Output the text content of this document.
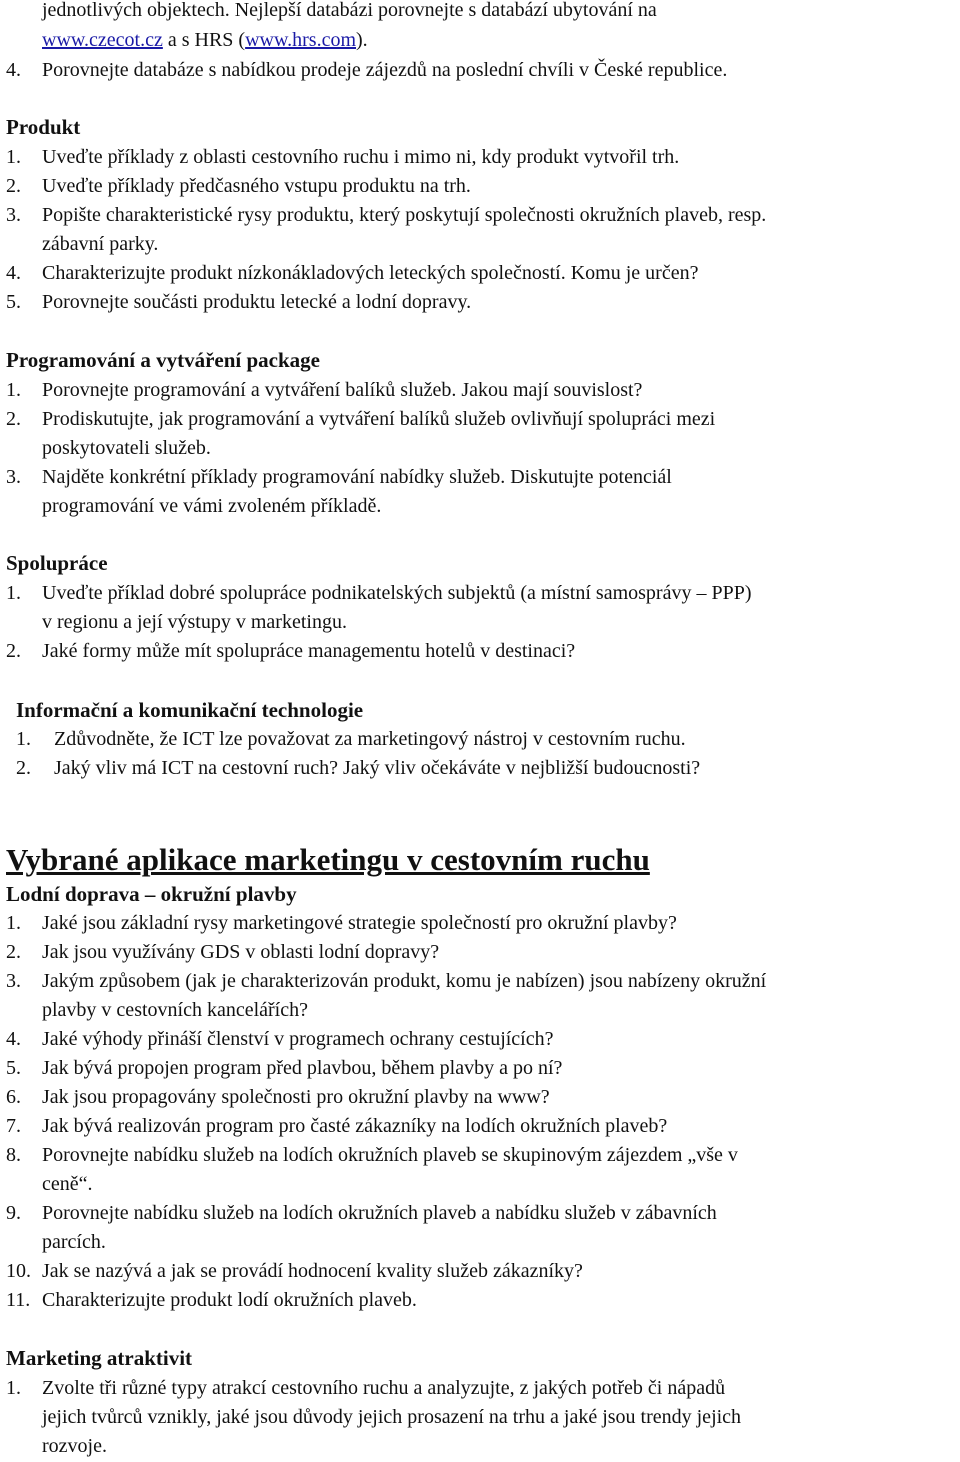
jednotlivých objektech. Nejlepší databázi porovnejte s databází ubytování na
www.czecot.cz a s HRS (www.hrs.com).
4. Porovnejte databáze s nabídkou prodeje zájezdů na poslední chvíli v České republice.
Produkt
1. Uveďte příklady z oblasti cestovního ruchu i mimo ni, kdy produkt vytvořil trh.
2. Uveďte příklady předčasného vstupu produktu na trh.
3. Popište charakteristické rysy produktu, který poskytují společnosti okružních plaveb, resp.
zábavní parky.
4. Charakterizujte produkt nízkonákladových leteckých společností. Komu je určen?
5. Porovnejte součásti produktu letecké a lodní dopravy.
Programování a vytváření package
1. Porovnejte programování a vytváření balíků služeb. Jakou mají souvislost?
2. Prodiskutujte, jak programování a vytváření balíků služeb ovlivňují spolupráci mezi
poskytovateli služeb.
3. Najděte konkrétní příklady programování nabídky služeb. Diskutujte potenciál
programování ve vámi zvoleném příkladě.
Spolupráce
1. Uveďte příklad dobré spolupráce podnikatelských subjektů (a místní samosprávy – PPP)
v regionu a její výstupy v marketingu.
2. Jaké formy může mít spolupráce managementu hotelů v destinaci?
Informační a komunikační technologie
1. Zdůvodněte, že ICT lze považovat za marketingový nástroj v cestovním ruchu.
2. Jaký vliv má ICT na cestovní ruch? Jaký vliv očekáváte v nejbližší budoucnosti?
Vybrané aplikace marketingu v cestovním ruchu
Lodní doprava – okružní plavby
1. Jaké jsou základní rysy marketingové strategie společností pro okružní plavby?
2. Jak jsou využívány GDS v oblasti lodní dopravy?
3. Jakým způsobem (jak je charakterizován produkt, komu je nabízen) jsou nabízeny okružní
plavby v cestovních kancelářích?
4. Jaké výhody přináší členství v programech ochrany cestujících?
5. Jak bývá propojen program před plavbou, během plavby a po ní?
6. Jak jsou propagovány společnosti pro okružní plavby na www?
7. Jak bývá realizován program pro časté zákazníky na lodích okružních plaveb?
8. Porovnejte nabídku služeb na lodích okružních plaveb se skupinovým zájezdem „vše v
ceně“.
9. Porovnejte nabídku služeb na lodích okružních plaveb a nabídku služeb v zábavních
parcích.
10. Jak se nazývá a jak se provádí hodnocení kvality služeb zákazníky?
11. Charakterizujte produkt lodí okružních plaveb.
Marketing atraktivit
1. Zvolte tři různé typy atrakcí cestovního ruchu a analyzujte, z jakých potřeb či nápadů
jejich tvůrců vznikly, jaké jsou důvody jejich prosazení na trhu a jaké jsou trendy jejich
rozvoje.
